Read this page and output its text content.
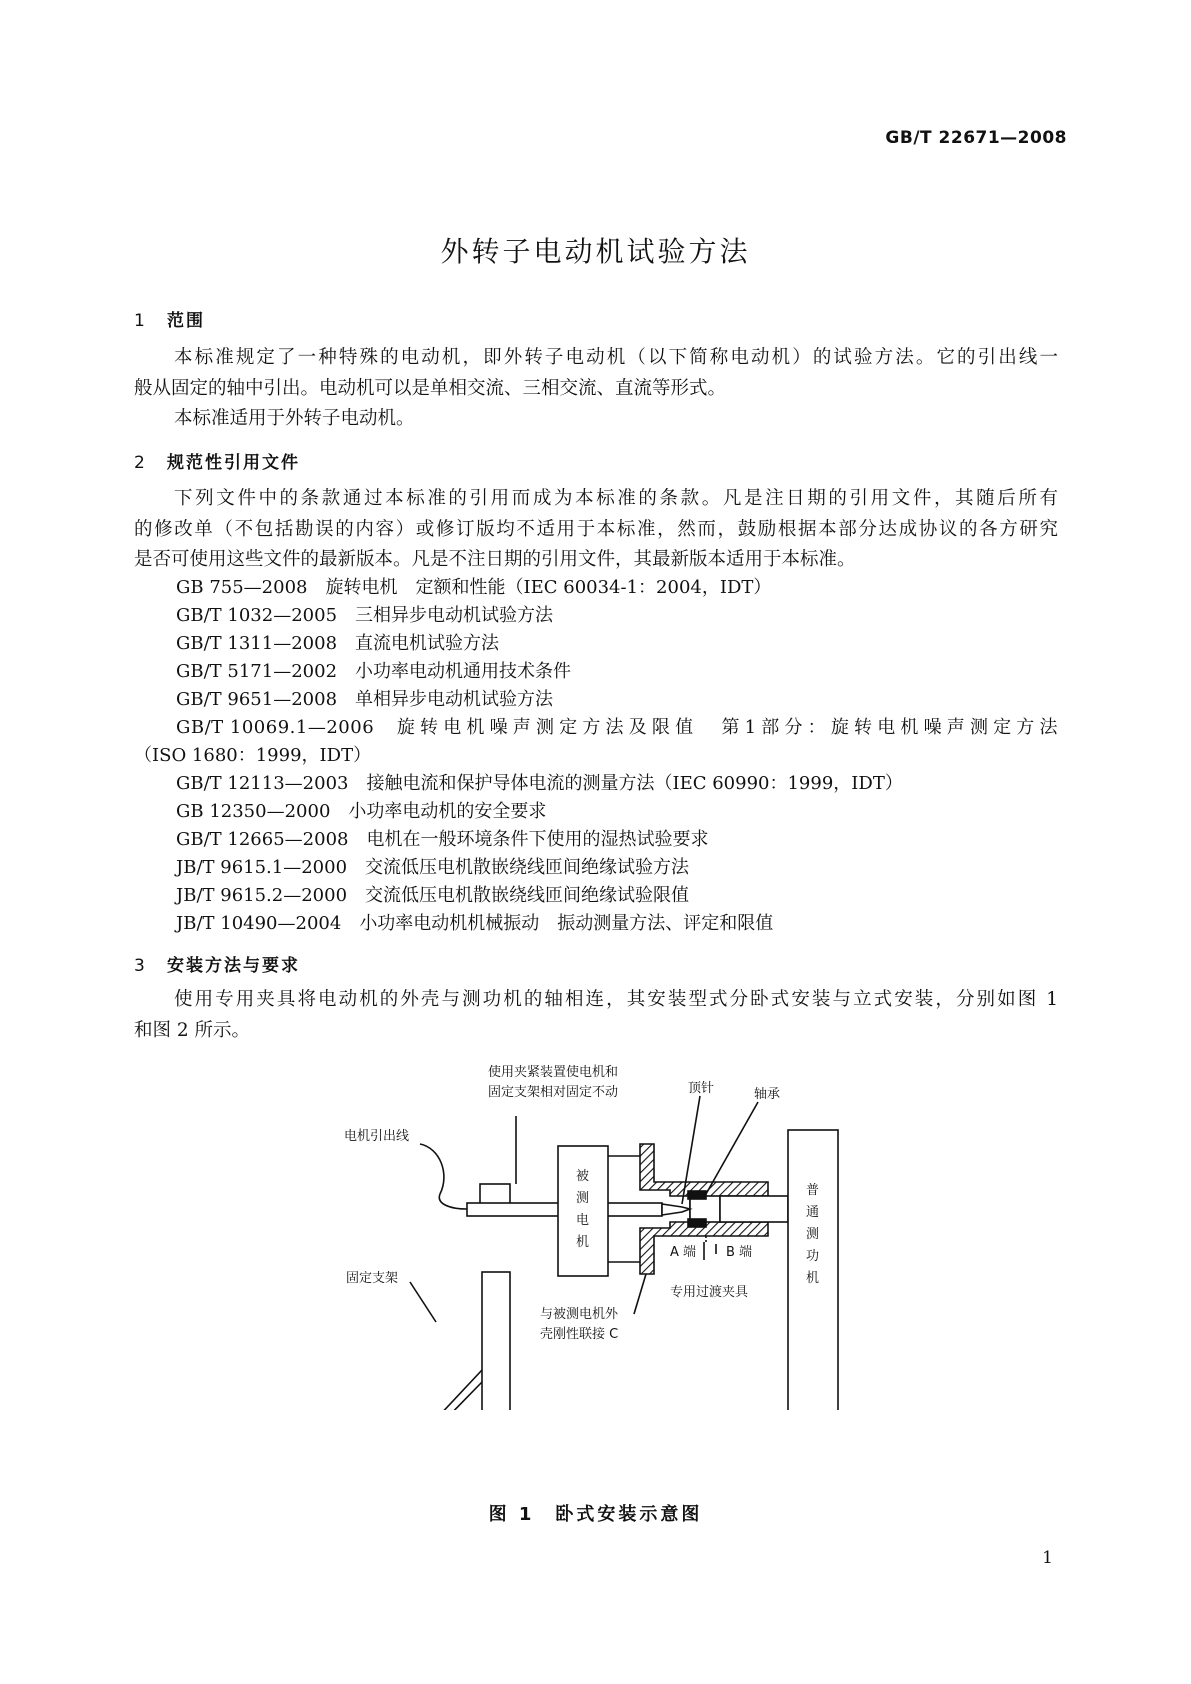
GB/T 22671—2008
外转子电动机试验方法
1 范围
本标准规定了一种特殊的电动机，即外转子电动机（以下简称电动机）的试验方法。它的引出线一
般从固定的轴中引出。电动机可以是单相交流、三相交流、直流等形式。
本标准适用于外转子电动机。
2 规范性引用文件
下列文件中的条款通过本标准的引用而成为本标准的条款。凡是注日期的引用文件，其随后所有
的修改单（不包括勘误的内容）或修订版均不适用于本标准，然而，鼓励根据本部分达成协议的各方研究
是否可使用这些文件的最新版本。凡是不注日期的引用文件，其最新版本适用于本标准。
GB 755—2008 旋转电机　定额和性能（IEC 60034-1：2004，IDT）
GB/T 1032—2005 三相异步电动机试验方法
GB/T 1311—2008 直流电机试验方法
GB/T 5171—2002 小功率电动机通用技术条件
GB/T 9651—2008 单相异步电动机试验方法
GB/T 10069.1—2006 旋转电机噪声测定方法及限值　第1部分：旋转电机噪声测定方法
（ISO 1680：1999，IDT）
GB/T 12113—2003 接触电流和保护导体电流的测量方法（IEC 60990：1999，IDT）
GB 12350—2000 小功率电动机的安全要求
GB/T 12665—2008 电机在一般环境条件下使用的湿热试验要求
JB/T 9615.1—2000 交流低压电机散嵌绕线匝间绝缘试验方法
JB/T 9615.2—2000 交流低压电机散嵌绕线匝间绝缘试验限值
JB/T 10490—2004 小功率电动机机械振动　振动测量方法、评定和限值
3 安装方法与要求
使用专用夹具将电动机的外壳与测功机的轴相连，其安装型式分卧式安装与立式安装，分别如图 1
和图 2 所示。
使用夹紧装置使电机和
固定支架相对固定不动
电机引出线
顶针	轴承
被
测
电
机
普
通
测
功
机
A 端 B 端
专用过渡夹具
固定支架
与被测电机外
壳刚性联接 C
图 1　卧式安装示意图
1
